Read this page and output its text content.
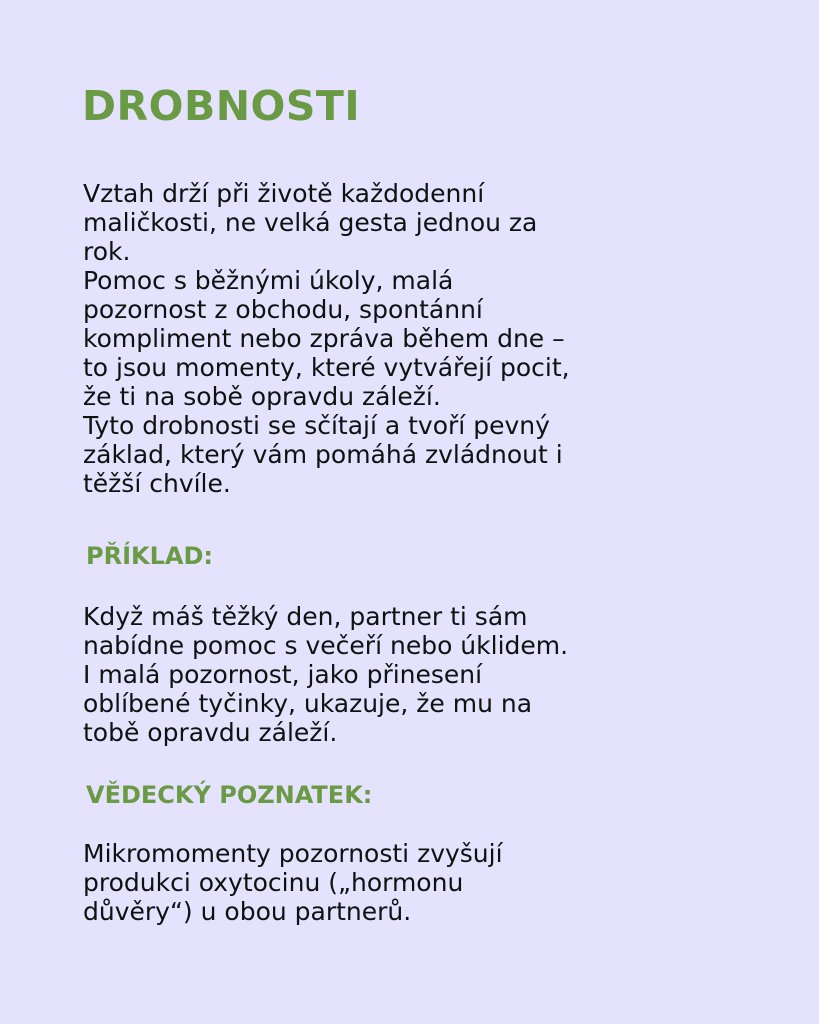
DROBNOSTI

Vztah drží při životě každodenní
maličkosti, ne velká gesta jednou za
rok.
Pomoc s běžnými úkoly, malá
pozornost z obchodu, spontánní
kompliment nebo zpráva během dne –
to jsou momenty, které vytvářejí pocit,
že ti na sobě opravdu záleží.
Tyto drobnosti se sčítají a tvoří pevný
základ, který vám pomáhá zvládnout i
těžší chvíle.

PŘÍKLAD:

Když máš těžký den, partner ti sám
nabídne pomoc s večeří nebo úklidem.
I malá pozornost, jako přinesení
oblíbené tyčinky, ukazuje, že mu na
tobě opravdu záleží.

VĚDECKÝ POZNATEK:

Mikromomenty pozornosti zvyšují
produkci oxytocinu („hormonu
důvěry“) u obou partnerů.
